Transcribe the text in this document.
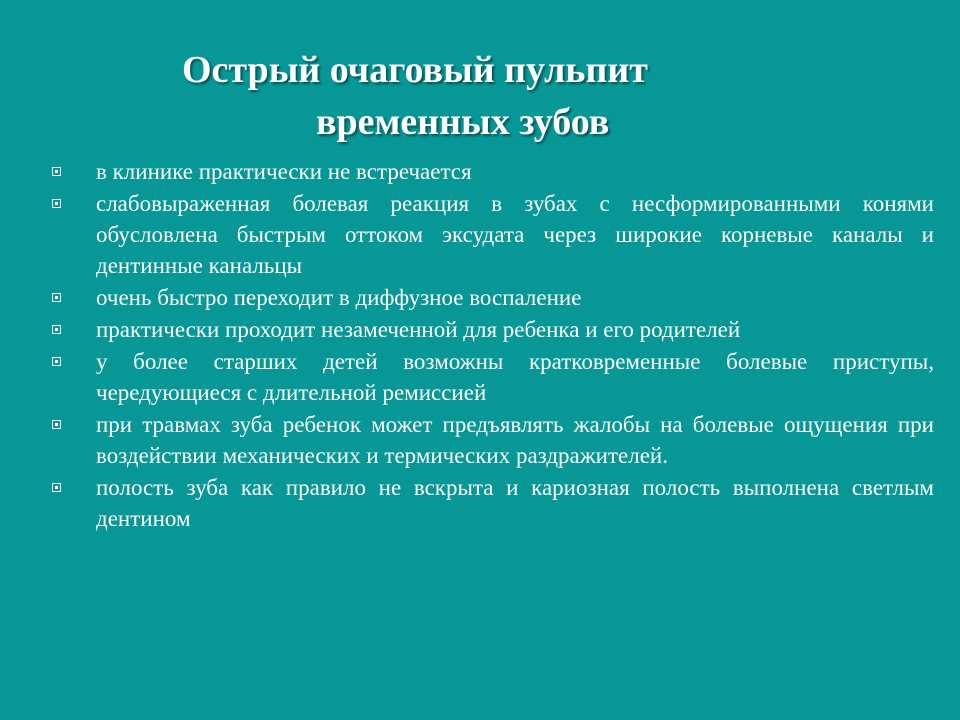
Острый очаговый пульпит
временных зубов
в клинике практически не встречается
слабовыраженная болевая реакция в зубах с несформированными конями обусловлена быстрым оттоком эксудата через широкие корневые каналы и дентинные канальцы
очень быстро переходит в диффузное воспаление
практически проходит незамеченной для ребенка и его родителей
у более старших детей возможны кратковременные болевые приступы, чередующиеся с длительной ремиссией
при травмах зуба ребенок может предъявлять жалобы на болевые ощущения при воздействии механических и термических раздражителей.
полость зуба как правило не вскрыта и кариозная полость выполнена светлым дентином
